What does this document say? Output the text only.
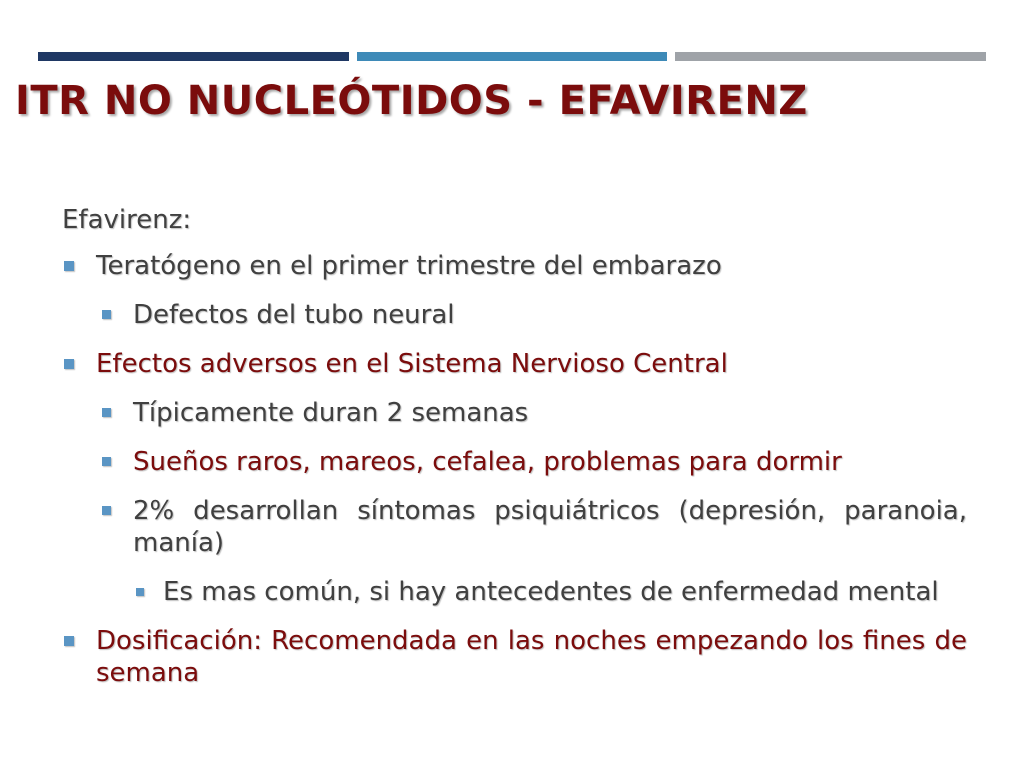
ITR NO NUCLEÓTIDOS - EFAVIRENZ
Efavirenz:
Teratógeno en el primer trimestre del embarazo
Defectos del tubo neural
Efectos adversos en el Sistema Nervioso Central
Típicamente duran 2 semanas
Sueños raros, mareos, cefalea, problemas para dormir
2% desarrollan síntomas psiquiátricos (depresión, paranoia, manía)
Es mas común, si hay antecedentes de enfermedad mental
Dosificación: Recomendada en las noches empezando los fines de semana
